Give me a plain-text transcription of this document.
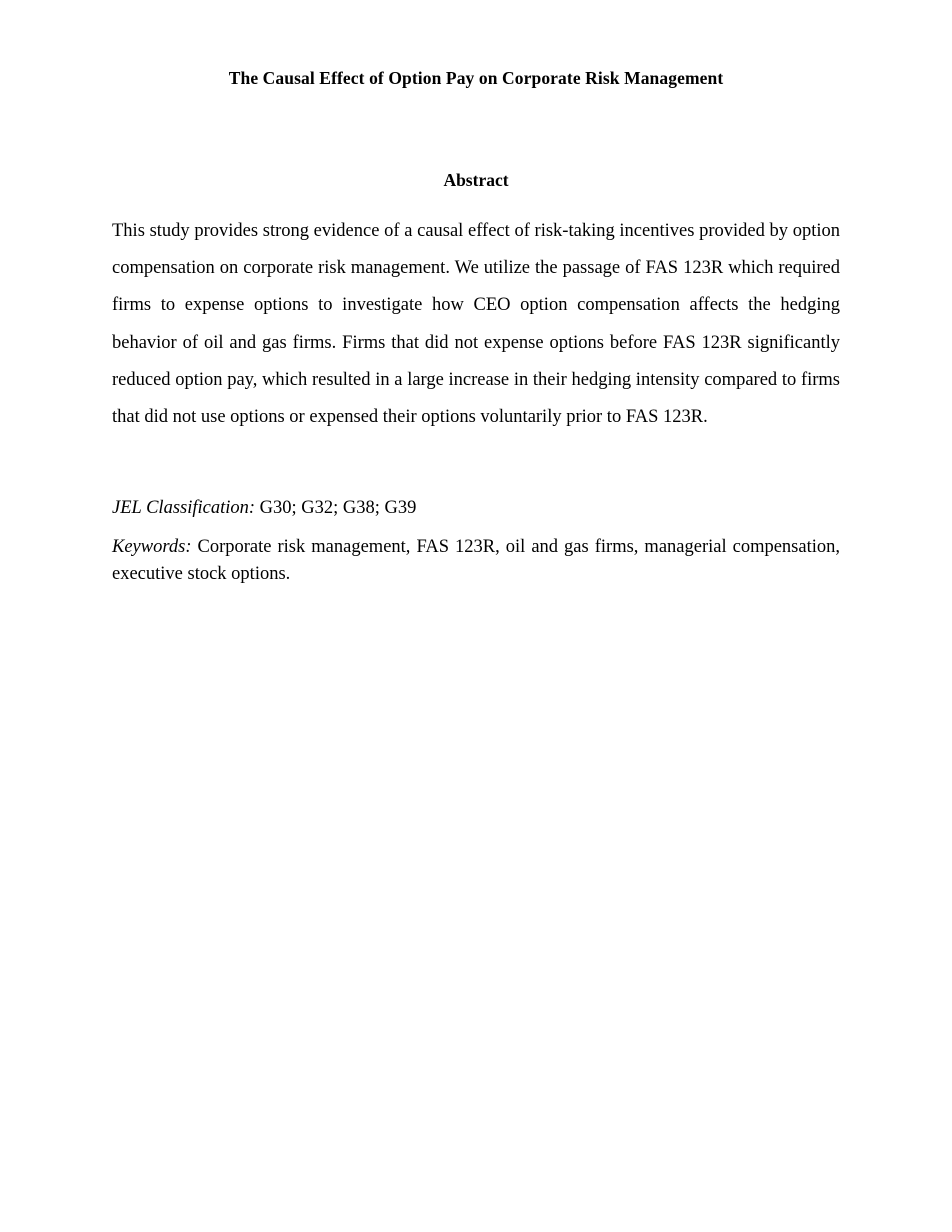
The Causal Effect of Option Pay on Corporate Risk Management
Abstract

This study provides strong evidence of a causal effect of risk-taking incentives provided by option compensation on corporate risk management. We utilize the passage of FAS 123R which required firms to expense options to investigate how CEO option compensation affects the hedging behavior of oil and gas firms. Firms that did not expense options before FAS 123R significantly reduced option pay, which resulted in a large increase in their hedging intensity compared to firms that did not use options or expensed their options voluntarily prior to FAS 123R.

JEL Classification: G30; G32; G38; G39

Keywords: Corporate risk management, FAS 123R, oil and gas firms, managerial compensation, executive stock options.
